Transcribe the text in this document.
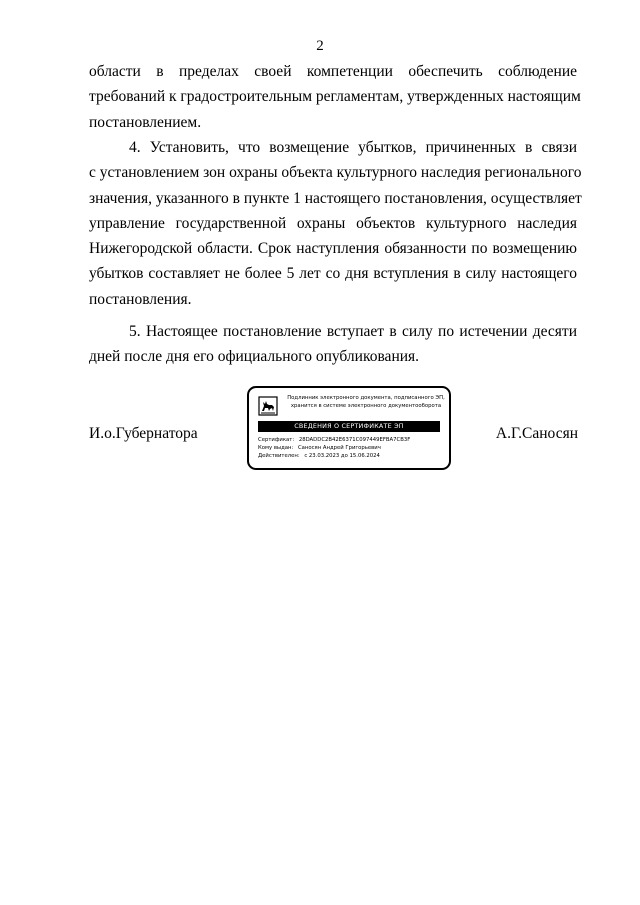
2
области в пределах своей компетенции обеспечить соблюдение
требований к градостроительным регламентам, утвержденных настоящим
постановлением.
4. Установить, что возмещение убытков, причиненных в связи
с установлением зон охраны объекта культурного наследия регионального
значения, указанного в пункте 1 настоящего постановления, осуществляет
управление государственной охраны объектов культурного наследия
Нижегородской области. Срок наступления обязанности по возмещению
убытков составляет не более 5 лет со дня вступления в силу настоящего
постановления.
5. Настоящее постановление вступает в силу по истечении десяти
дней после дня его официального опубликования.
И.о.Губернатора	А.Г.Саносян
Подлинник электронного документа, подписанного ЭП,
хранится в системе электронного документооборота
СВЕДЕНИЯ О СЕРТИФИКАТЕ ЭП
Сертификат: 28DADDC2B42E6371C097449EFBA7CB3F
Кому выдан: Саносян Андрей Григорьевич
Действителен: с 23.03.2023 до 15.06.2024
